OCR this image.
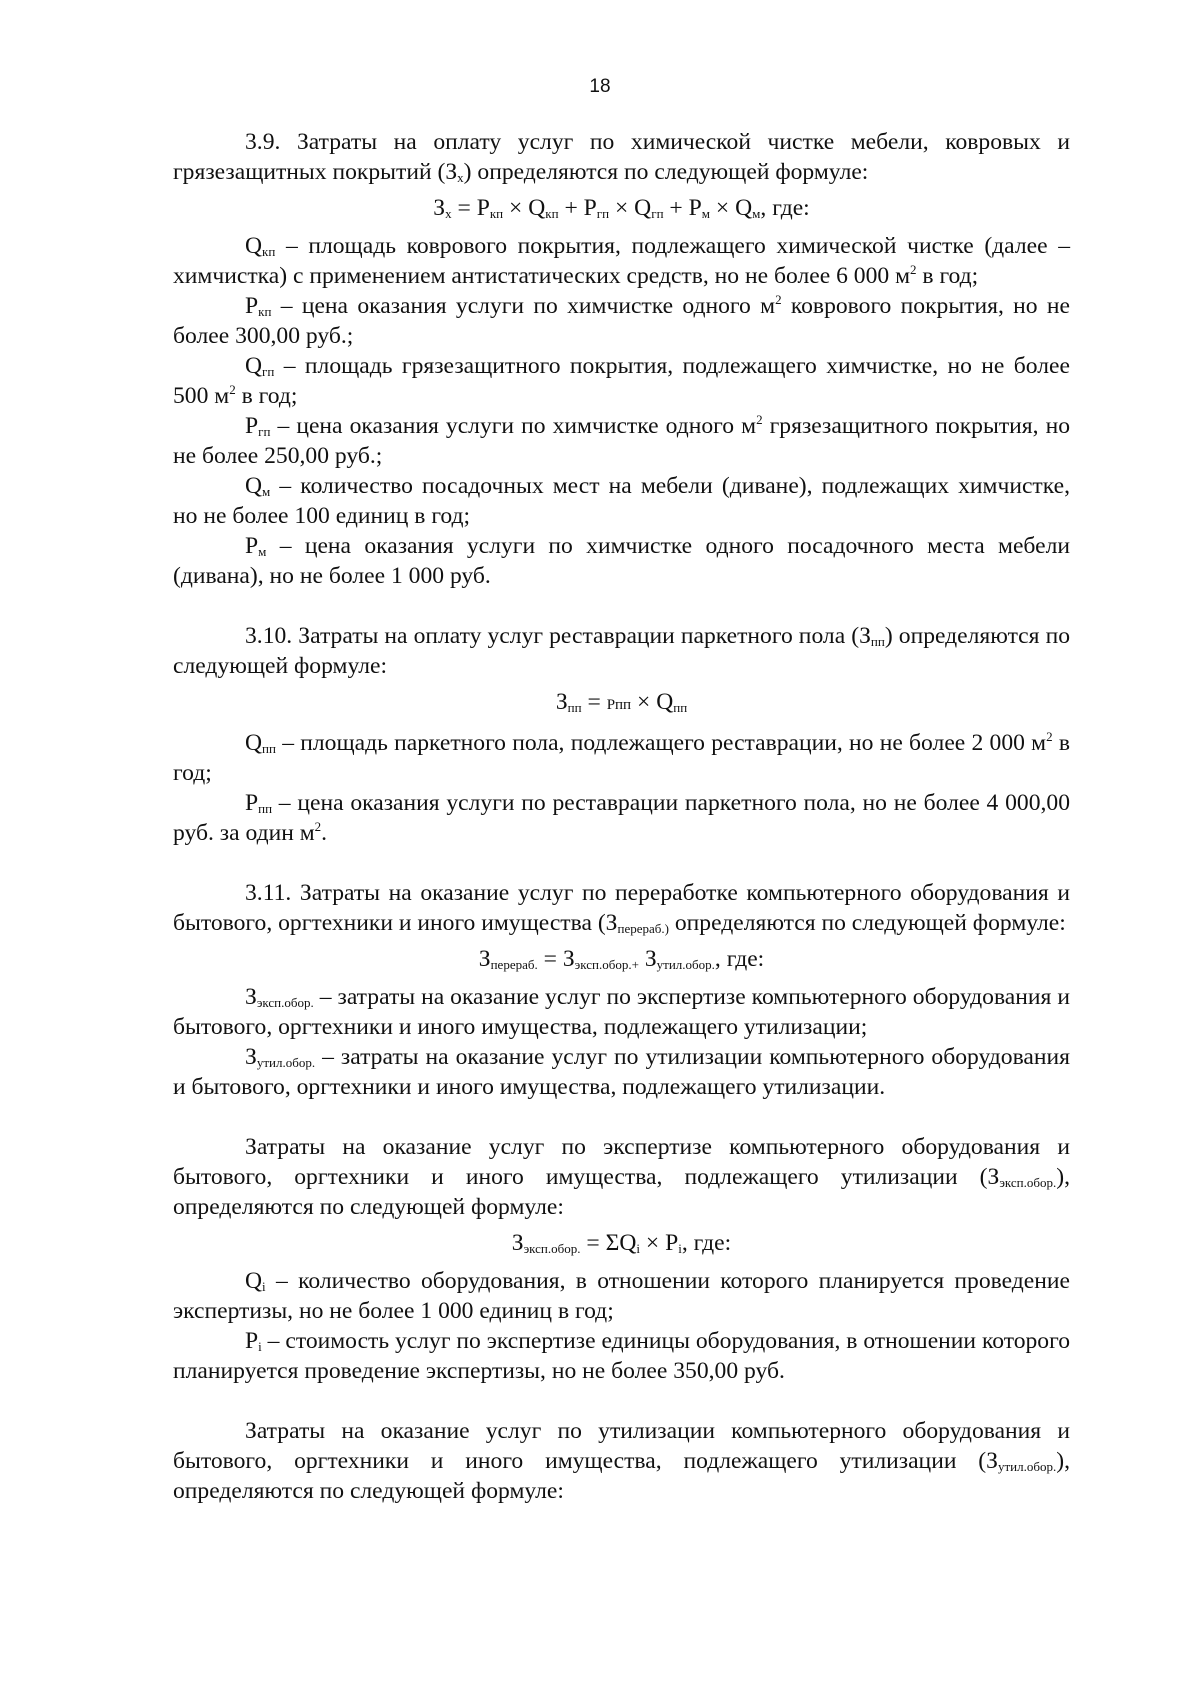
18

3.9. Затраты на оплату услуг по химической чистке мебели, ковровых и грязезащитных покрытий $(З_х)$ определяются по следующей формуле:

$З_х = Р_{кп} \times Q_{кп} + Р_{гп} \times Q_{гп} + Р_м \times Q_м$, где:

$Q_{кп}$ – площадь коврового покрытия, подлежащего химической чистке (далее – химчистка) с применением антистатических средств, но не более 6 000 $м^2$ в год;

$Р_{кп}$ – цена оказания услуги по химчистке одного $м^2$ коврового покрытия, но не более 300,00 руб.;

$Q_{гп}$ – площадь грязезащитного покрытия, подлежащего химчистке, но не более 500 $м^2$ в год;

$Р_{гп}$ – цена оказания услуги по химчистке одного $м^2$ грязезащитного покрытия, но не более 250,00 руб.;

$Q_м$ – количество посадочных мест на мебели (диване), подлежащих химчистке, но не более 100 единиц в год;

$Р_м$ – цена оказания услуги по химчистке одного посадочного места мебели (дивана), но не более 1 000 руб.

3.10. Затраты на оплату услуг реставрации паркетного пола $(З_{пп})$ определяются по следующей формуле:

$З_{пп}$ = Рпп × $Q_{пп}$

$Q_{пп}$ – площадь паркетного пола, подлежащего реставрации, но не более 2 000 $м^2$ в год;

$Р_{пп}$ – цена оказания услуги по реставрации паркетного пола, но не более 4 000,00 руб. за один $м^2$.

3.11. Затраты на оказание услуг по переработке компьютерного оборудования и бытового, оргтехники и иного имущества ($З_{перераб.)}$ определяются по следующей формуле:

$З_{перераб.} = З_{эксп.обор.+}$ $З_{утил.обор.}$, где:

$З_{эксп.обор.}$ – затраты на оказание услуг по экспертизе компьютерного оборудования и бытового, оргтехники и иного имущества, подлежащего утилизации;

$З_{утил.обор.}$ – затраты на оказание услуг по утилизации компьютерного оборудования и бытового, оргтехники и иного имущества, подлежащего утилизации.

Затраты на оказание услуг по экспертизе компьютерного оборудования и бытового, оргтехники и иного имущества, подлежащего утилизации $(З_{эксп.обор.})$, определяются по следующей формуле:

$З_{эксп.обор.} = \Sigma Q_i \times P_i$, где:

$Q_i$ – количество оборудования, в отношении которого планируется проведение экспертизы, но не более 1 000 единиц в год;

$P_i$ – стоимость услуг по экспертизе единицы оборудования, в отношении которого планируется проведение экспертизы, но не более 350,00 руб.

Затраты на оказание услуг по утилизации компьютерного оборудования и бытового, оргтехники и иного имущества, подлежащего утилизации $(З_{утил.обор.})$, определяются по следующей формуле:
